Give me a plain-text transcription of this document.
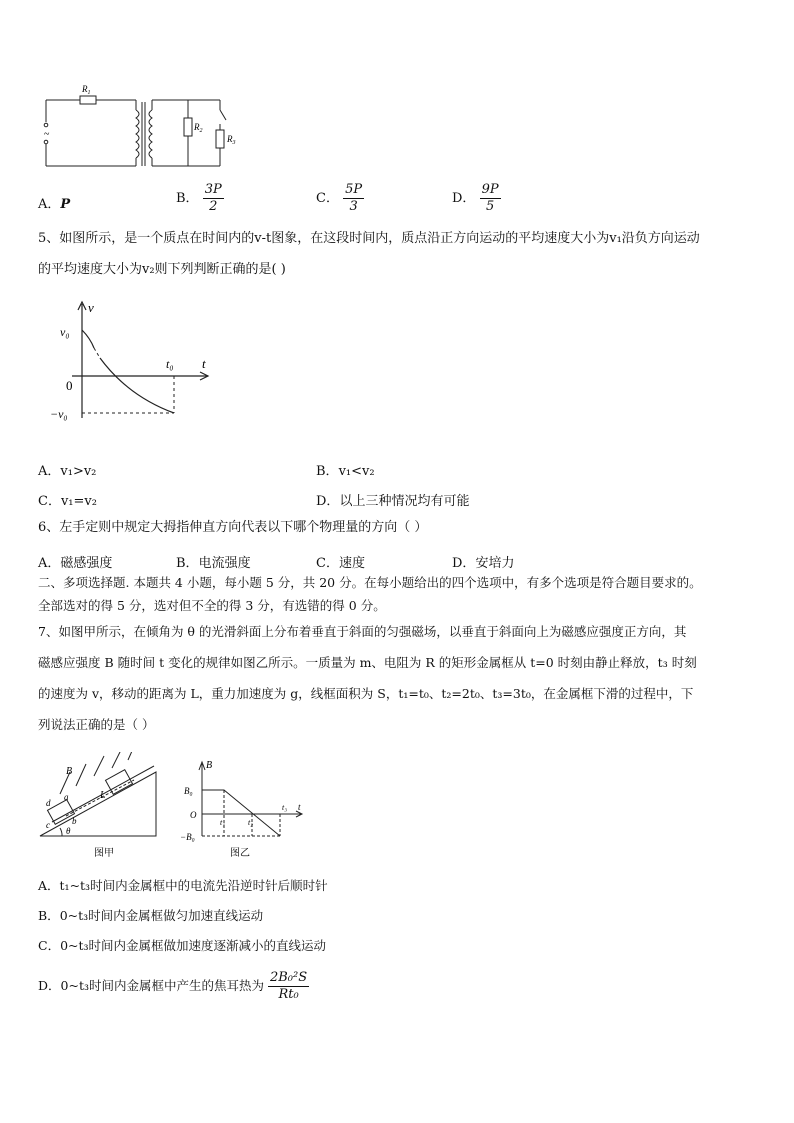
~
$R_1$
$R_2$
$R_3$
A．P	B． $\frac{3P}{2}$	C． $\frac{5P}{3}$	D． $\frac{9P}{5}$
5、如图所示，是一个质点在时间内的v-t图象，在这段时间内，质点沿正方向运动的平均速度大小为v₁沿负方向运动
的平均速度大小为v₂则下列判断正确的是( )
v
v₀
0
t
t₀
−v₀
A．v₁>v₂	B．v₁<v₂
C．v₁=v₂	D．以上三种情况均有可能
6、左手定则中规定大拇指伸直方向代表以下哪个物理量的方向（ ）
A．磁感强度	B．电流强度	C．速度	D．安培力
二、多项选择题. 本题共 4 小题，每小题 5 分，共 20 分。在每小题给出的四个选项中，有多个选项是符合题目要求的。
全部选对的得 5 分，选对但不全的得 3 分，有选错的得 0 分。
7、如图甲所示，在倾角为 θ 的光滑斜面上分布着垂直于斜面的匀强磁场，以垂直于斜面向上为磁感应强度正方向，其
磁感应强度 B 随时间 t 变化的规律如图乙所示。一质量为 m、电阻为 R 的矩形金属框从 t=0 时刻由静止释放，t₃ 时刻
的速度为 v，移动的距离为 L，重力加速度为 g，线框面积为 S，t₁=t₀、t₂=2t₀、t₃=3t₀，在金属框下滑的过程中，下
列说法正确的是（ ）
B
L
d
a
b
c
θ
图甲
B
B₀
O
−B₀
t₁	t₂
t₃ t
图乙
A．t₁~t₃时间内金属框中的电流先沿逆时针后顺时针
B．0~t₃时间内金属框做匀加速直线运动
C．0~t₃时间内金属框做加速度逐渐减小的直线运动
D．0~t₃时间内金属框中产生的焦耳热为 $\frac{\text{2B₀²S}}{\text{Rt₀}}$
